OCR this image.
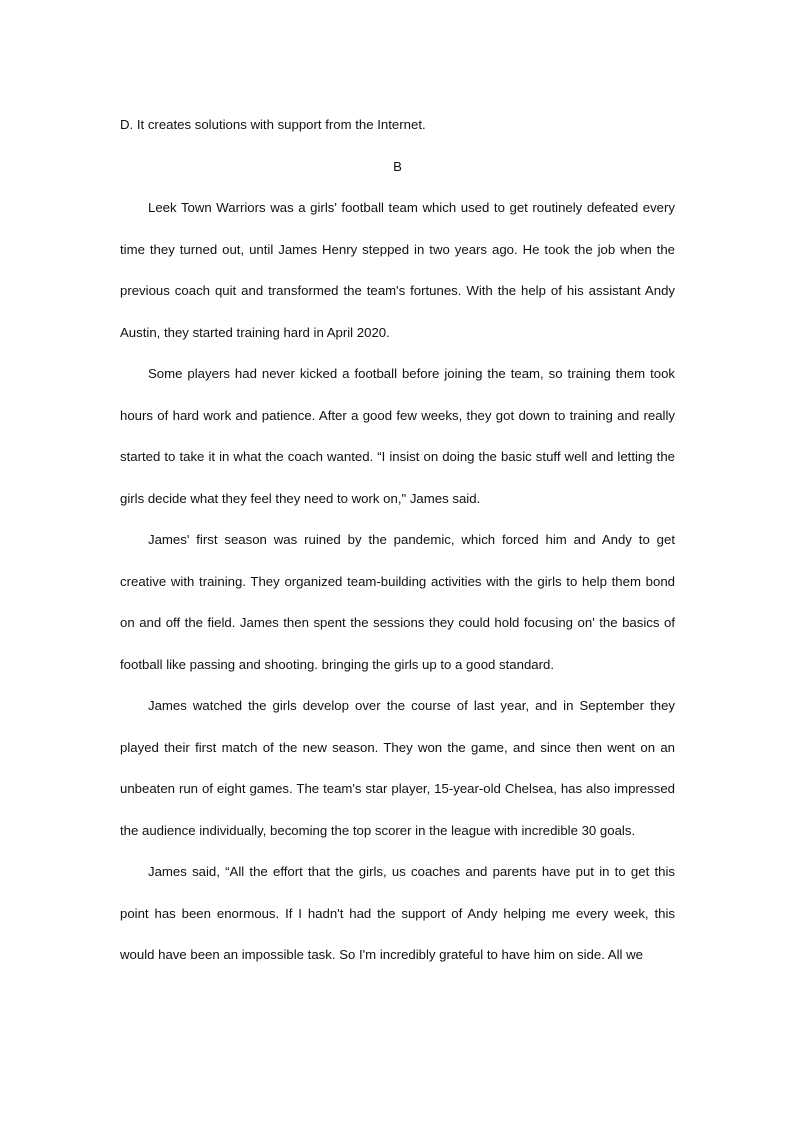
D. It creates solutions with support from the Internet.

B

Leek Town Warriors was a girls' football team which used to get routinely defeated every time they turned out, until James Henry stepped in two years ago. He took the job when the previous coach quit and transformed the team's fortunes. With the help of his assistant Andy Austin, they started training hard in April 2020.

Some players had never kicked a football before joining the team, so training them took hours of hard work and patience. After a good few weeks, they got down to training and really started to take it in what the coach wanted. “I insist on doing the basic stuff well and letting the girls decide what they feel they need to work on," James said.

James' first season was ruined by the pandemic, which forced him and Andy to get creative with training. They organized team-building activities with the girls to help them bond on and off the field. James then spent the sessions they could hold focusing on' the basics of football like passing and shooting. bringing the girls up to a good standard.

James watched the girls develop over the course of last year, and in September they played their first match of the new season. They won the game, and since then went on an unbeaten run of eight games. The team's star player, 15-year-old Chelsea, has also impressed the audience individually, becoming the top scorer in the league with incredible 30 goals.

James said, “All the effort that the girls, us coaches and parents have put in to get this point has been enormous. If I hadn't had the support of Andy helping me every week, this would have been an impossible task. So I'm incredibly grateful to have him on side. All we
